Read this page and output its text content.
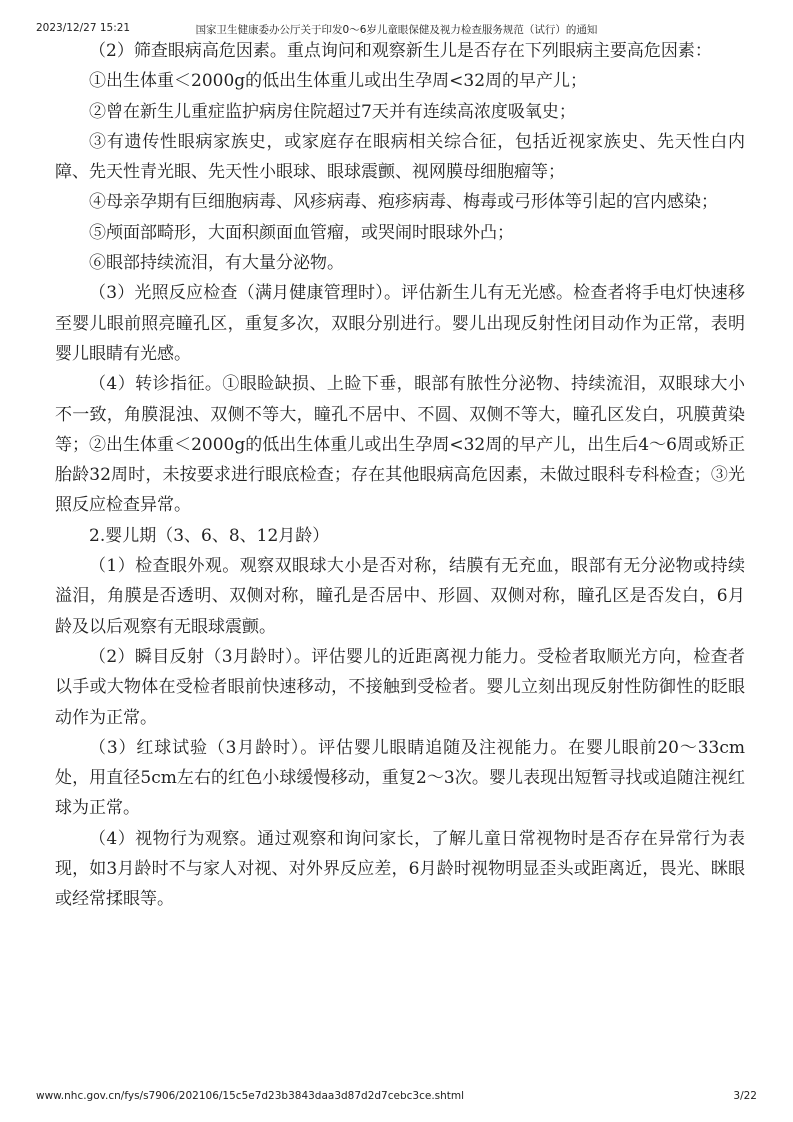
2023/12/27 15:21	国家卫生健康委办公厅关于印发0～6岁儿童眼保健及视力检查服务规范（试行）的通知

（2）筛查眼病高危因素。重点询问和观察新生儿是否存在下列眼病主要高危因素：

①出生体重＜2000g的低出生体重儿或出生孕周<32周的早产儿；

②曾在新生儿重症监护病房住院超过7天并有连续高浓度吸氧史；

③有遗传性眼病家族史，或家庭存在眼病相关综合征，包括近视家族史、先天性白内障、先天性青光眼、先天性小眼球、眼球震颤、视网膜母细胞瘤等；

④母亲孕期有巨细胞病毒、风疹病毒、疱疹病毒、梅毒或弓形体等引起的宫内感染；

⑤颅面部畸形，大面积颜面血管瘤，或哭闹时眼球外凸；

⑥眼部持续流泪，有大量分泌物。

（3）光照反应检查（满月健康管理时）。评估新生儿有无光感。检查者将手电灯快速移至婴儿眼前照亮瞳孔区，重复多次，双眼分别进行。婴儿出现反射性闭目动作为正常，表明婴儿眼睛有光感。

（4）转诊指征。①眼睑缺损、上睑下垂，眼部有脓性分泌物、持续流泪，双眼球大小不一致，角膜混浊、双侧不等大，瞳孔不居中、不圆、双侧不等大，瞳孔区发白，巩膜黄染等；②出生体重＜2000g的低出生体重儿或出生孕周<32周的早产儿，出生后4～6周或矫正胎龄32周时，未按要求进行眼底检查；存在其他眼病高危因素，未做过眼科专科检查；③光照反应检查异常。

2.婴儿期（3、6、8、12月龄）

（1）检查眼外观。观察双眼球大小是否对称，结膜有无充血，眼部有无分泌物或持续溢泪，角膜是否透明、双侧对称，瞳孔是否居中、形圆、双侧对称，瞳孔区是否发白，6月龄及以后观察有无眼球震颤。

（2）瞬目反射（3月龄时）。评估婴儿的近距离视力能力。受检者取顺光方向，检查者以手或大物体在受检者眼前快速移动，不接触到受检者。婴儿立刻出现反射性防御性的眨眼动作为正常。

（3）红球试验（3月龄时）。评估婴儿眼睛追随及注视能力。在婴儿眼前20～33cm处，用直径5cm左右的红色小球缓慢移动，重复2～3次。婴儿表现出短暂寻找或追随注视红球为正常。

（4）视物行为观察。通过观察和询问家长，了解儿童日常视物时是否存在异常行为表现，如3月龄时不与家人对视、对外界反应差，6月龄时视物明显歪头或距离近，畏光、眯眼或经常揉眼等。

www.nhc.gov.cn/fys/s7906/202106/15c5e7d23b3843daa3d87d2d7cebc3ce.shtml	3/22
